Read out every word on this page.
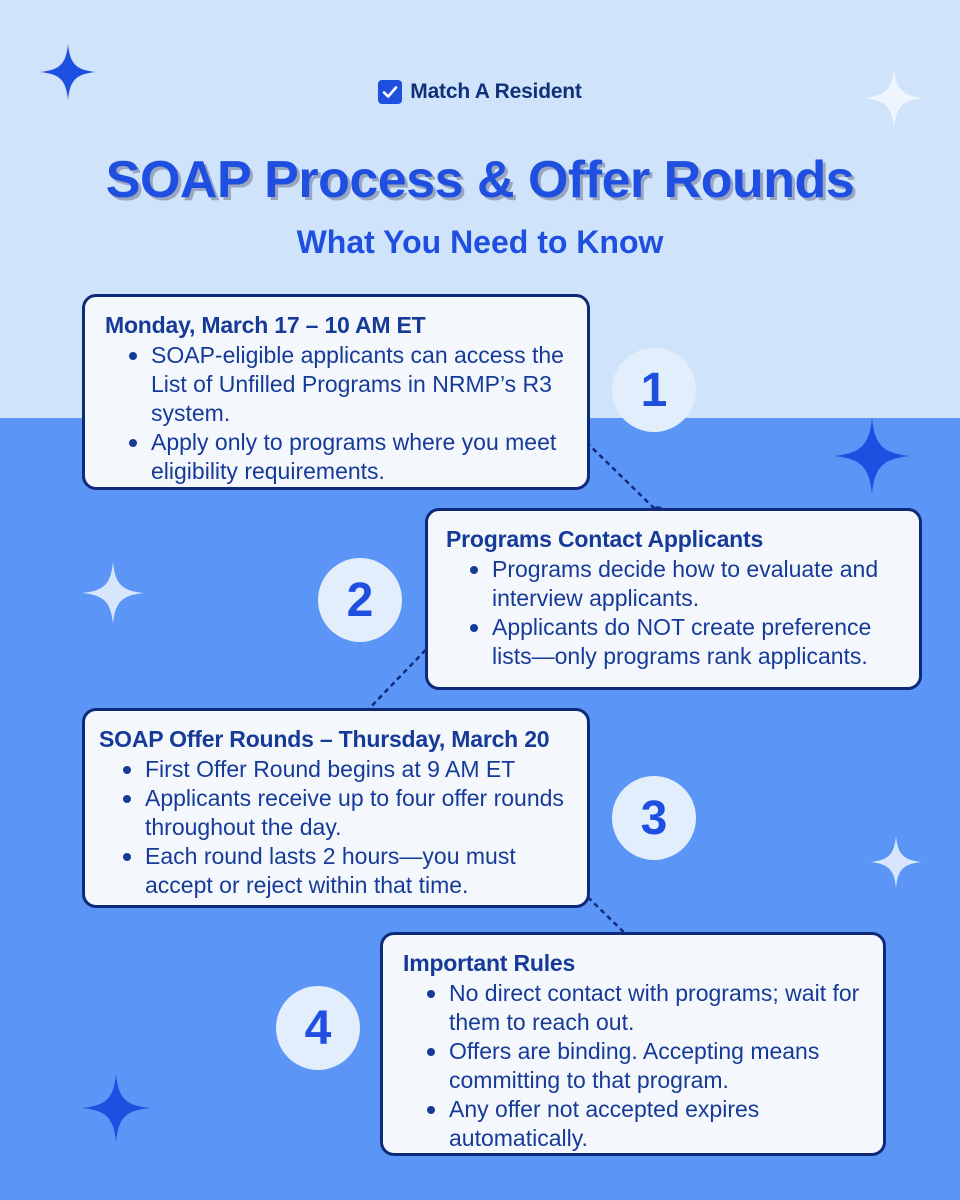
Match A Resident
SOAP Process & Offer Rounds
What You Need to Know
Monday, March 17 – 10 AM ET
SOAP-eligible applicants can access the List of Unfilled Programs in NRMP’s R3 system.
Apply only to programs where you meet eligibility requirements.
1
Programs Contact Applicants
Programs decide how to evaluate and interview applicants.
Applicants do NOT create preference lists—only programs rank applicants.
2
SOAP Offer Rounds – Thursday, March 20
First Offer Round begins at 9 AM ET
Applicants receive up to four offer rounds throughout the day.
Each round lasts 2 hours—you must accept or reject within that time.
3
Important Rules
No direct contact with programs; wait for them to reach out.
Offers are binding. Accepting means committing to that program.
Any offer not accepted expires automatically.
4
